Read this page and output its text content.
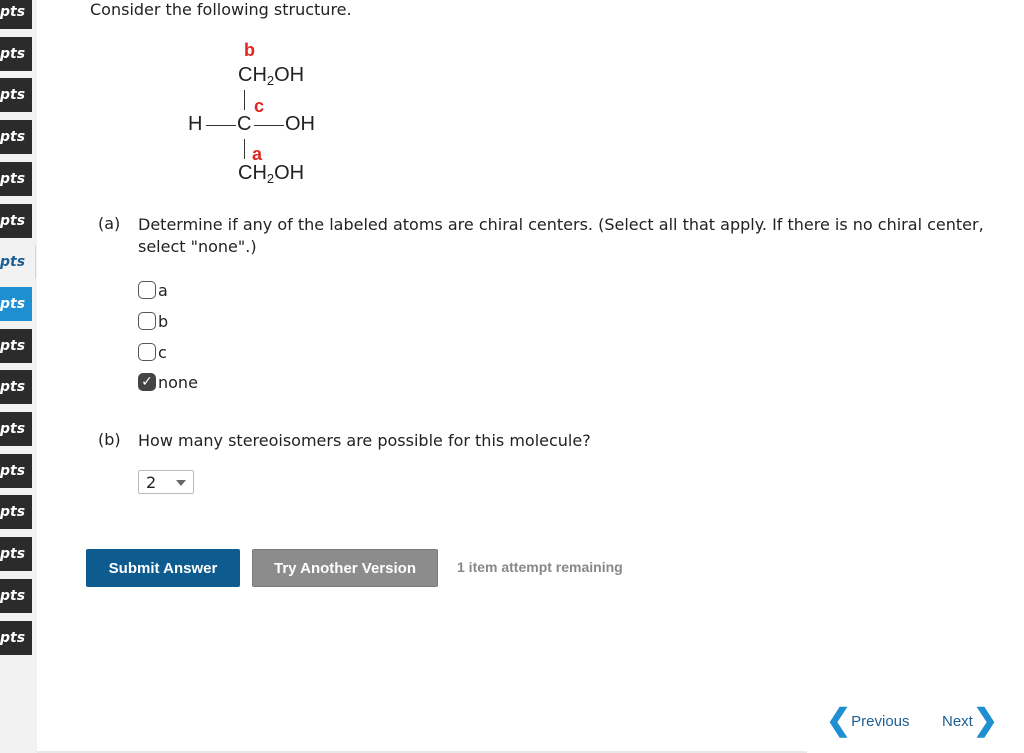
pts
pts
pts
pts
pts
pts
pts
pts
pts
pts
pts
pts
pts
pts
pts
pts
Consider the following structure.
b
$CH_2OH$
c
H C OH
a
$CH_2OH$
(a) Determine if any of the labeled atoms are chiral centers. (Select all that apply. If there is no chiral center, select "none".)
a
b
c
✓ none
(b) How many stereoisomers are possible for this molecule?
2
Submit Answer	Try Another Version	1 item attempt remaining
❮ Previous Next ❯
